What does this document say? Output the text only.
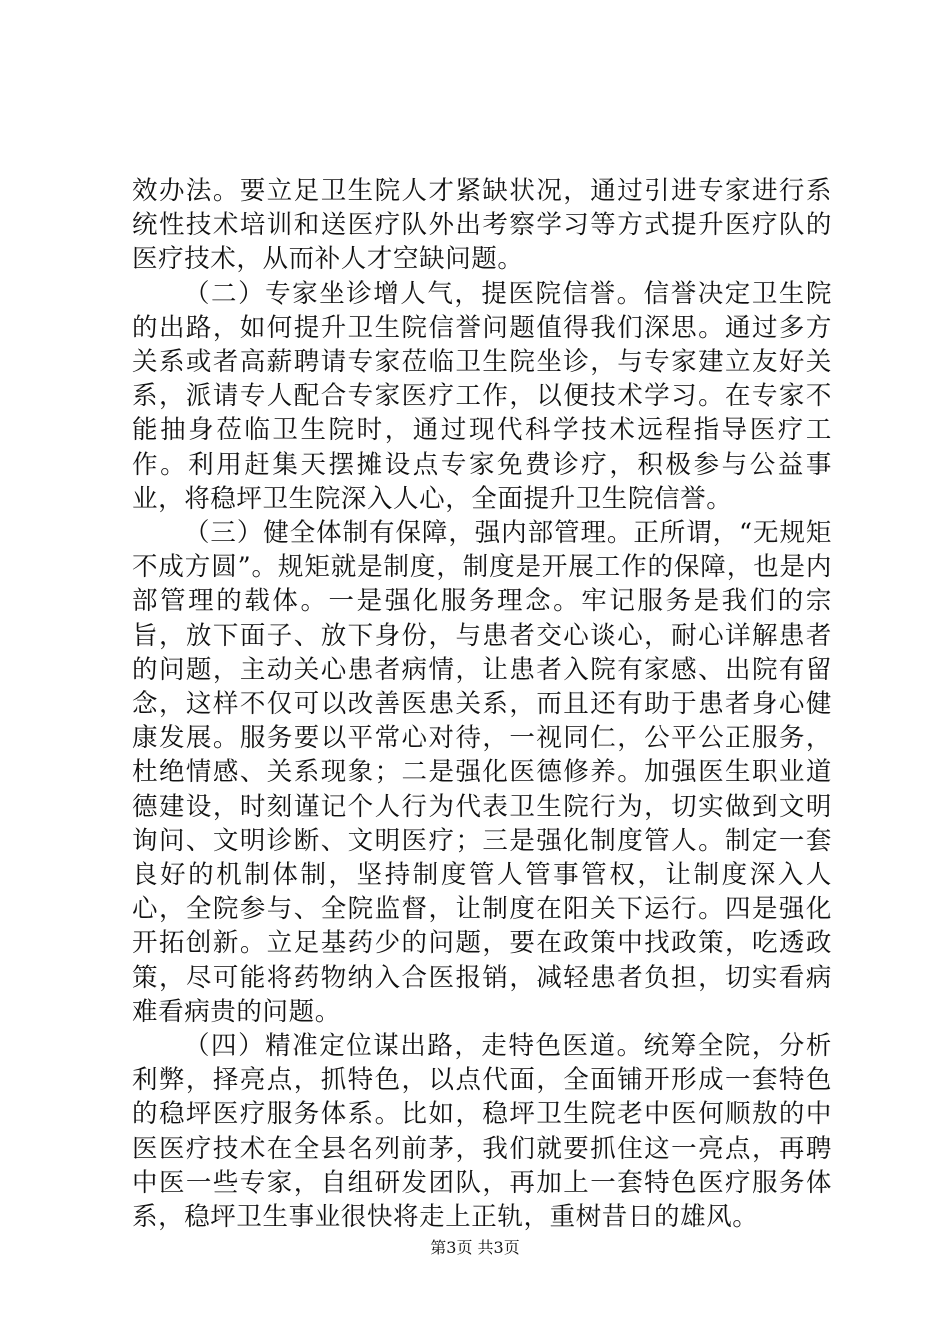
效办法。要立足卫生院人才紧缺状况，通过引进专家进行系统性技术培训和送医疗队外出考察学习等方式提升医疗队的医疗技术，从而补人才空缺问题。

（二）专家坐诊增人气，提医院信誉。信誉决定卫生院的出路，如何提升卫生院信誉问题值得我们深思。通过多方关系或者高薪聘请专家莅临卫生院坐诊，与专家建立友好关系，派请专人配合专家医疗工作，以便技术学习。在专家不能抽身莅临卫生院时，通过现代科学技术远程指导医疗工作。利用赶集天摆摊设点专家免费诊疗，积极参与公益事业，将稳坪卫生院深入人心，全面提升卫生院信誉。

（三）健全体制有保障，强内部管理。正所谓，“无规矩不成方圆”。规矩就是制度，制度是开展工作的保障，也是内部管理的载体。一是强化服务理念。牢记服务是我们的宗旨，放下面子、放下身份，与患者交心谈心，耐心详解患者的问题，主动关心患者病情，让患者入院有家感、出院有留念，这样不仅可以改善医患关系，而且还有助于患者身心健康发展。服务要以平常心对待，一视同仁，公平公正服务，杜绝情感、关系现象；二是强化医德修养。加强医生职业道德建设，时刻谨记个人行为代表卫生院行为，切实做到文明询问、文明诊断、文明医疗；三是强化制度管人。制定一套良好的机制体制，坚持制度管人管事管权，让制度深入人心，全院参与、全院监督，让制度在阳关下运行。四是强化开拓创新。立足基药少的问题，要在政策中找政策，吃透政策，尽可能将药物纳入合医报销，减轻患者负担，切实看病难看病贵的问题。

（四）精准定位谋出路，走特色医道。统筹全院，分析利弊，择亮点，抓特色，以点代面，全面铺开形成一套特色的稳坪医疗服务体系。比如，稳坪卫生院老中医何顺敖的中医医疗技术在全县名列前茅，我们就要抓住这一亮点，再聘中医一些专家，自组研发团队，再加上一套特色医疗服务体系，稳坪卫生事业很快将走上正轨，重树昔日的雄风。

第3页 共3页
